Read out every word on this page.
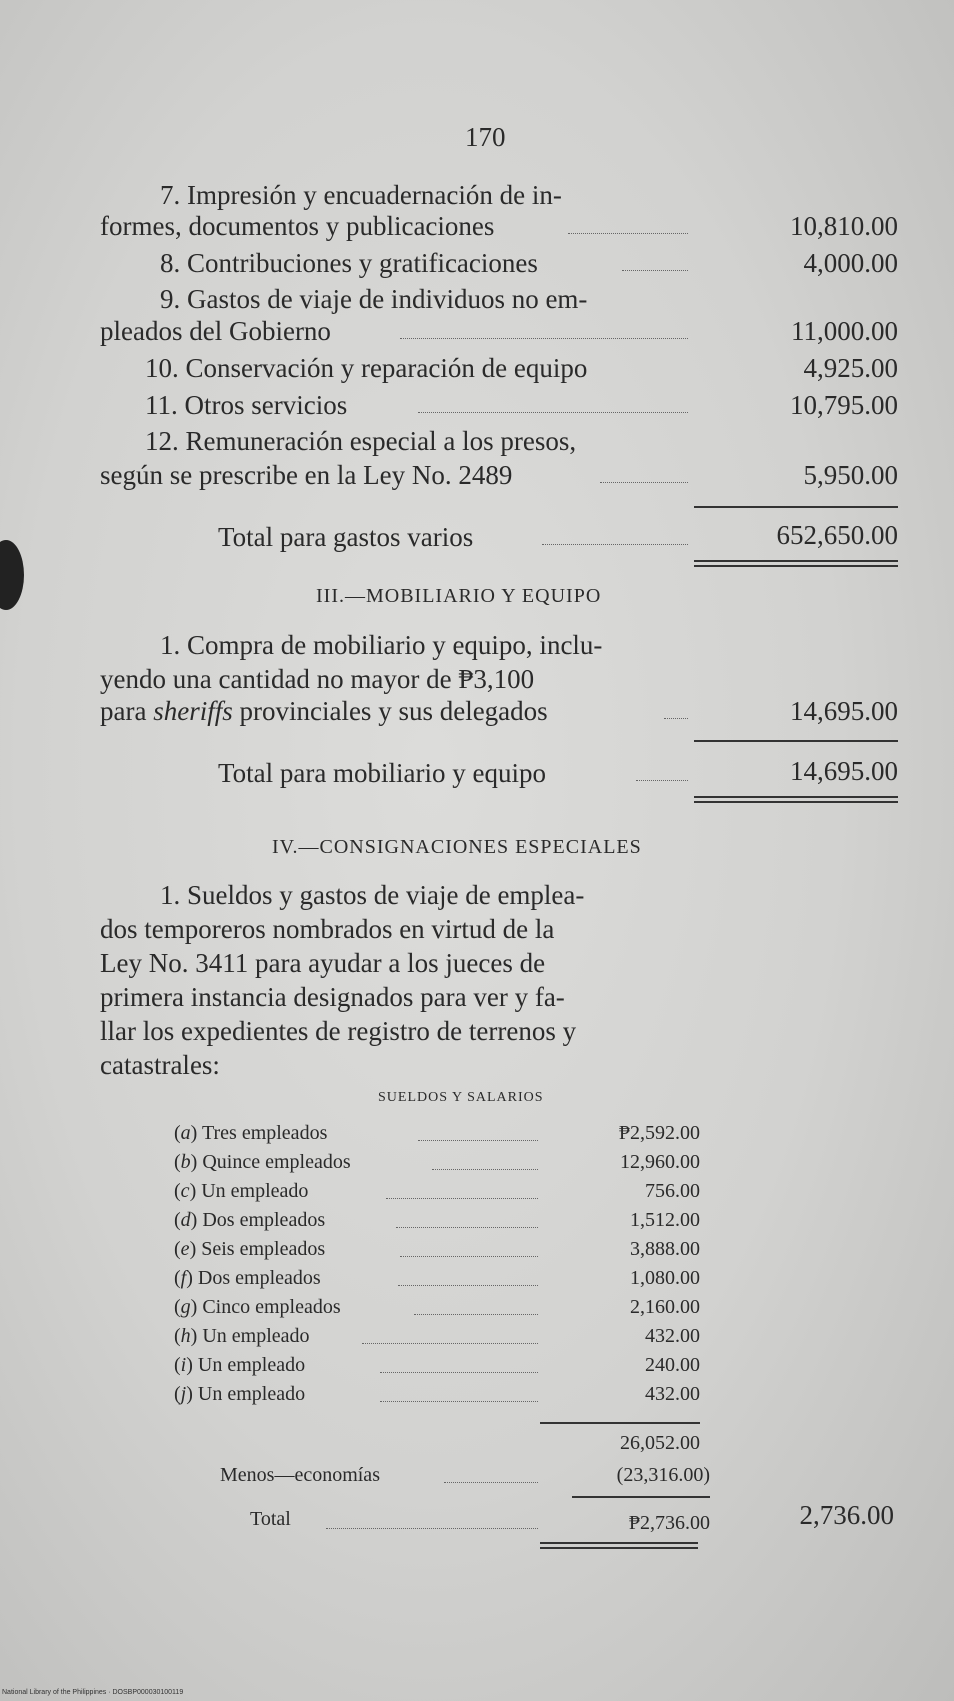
170
7. Impresión y encuadernación de in-
formes, documentos y publicaciones	10,810.00
8. Contribuciones y gratificaciones	4,000.00
9. Gastos de viaje de individuos no em-
pleados del Gobierno	11,000.00
10. Conservación y reparación de equipo	4,925.00
11. Otros servicios	10,795.00
12. Remuneración especial a los presos,
según se prescribe en la Ley No. 2489	5,950.00
Total para gastos varios	652,650.00
III.—MOBILIARIO Y EQUIPO
1. Compra de mobiliario y equipo, inclu-
yendo una cantidad no mayor de ₱3,100
para sheriffs provinciales y sus delegados	14,695.00
Total para mobiliario y equipo	14,695.00
IV.—CONSIGNACIONES ESPECIALES
1. Sueldos y gastos de viaje de emplea-
dos temporeros nombrados en virtud de la
Ley No. 3411 para ayudar a los jueces de
primera instancia designados para ver y fa-
llar los expedientes de registro de terrenos y
catastrales:
SUELDOS Y SALARIOS
(a) Tres empleados	₱2,592.00
(b) Quince empleados	12,960.00
(c) Un empleado	756.00
(d) Dos empleados	1,512.00
(e) Seis empleados	3,888.00
(f) Dos empleados	1,080.00
(g) Cinco empleados	2,160.00
(h) Un empleado	432.00
(i) Un empleado	240.00
(j) Un empleado	432.00
26,052.00
Menos—economías	(23,316.00)
Total	₱2,736.00	2,736.00
National Library of the Philippines · DOSBP000030100119
